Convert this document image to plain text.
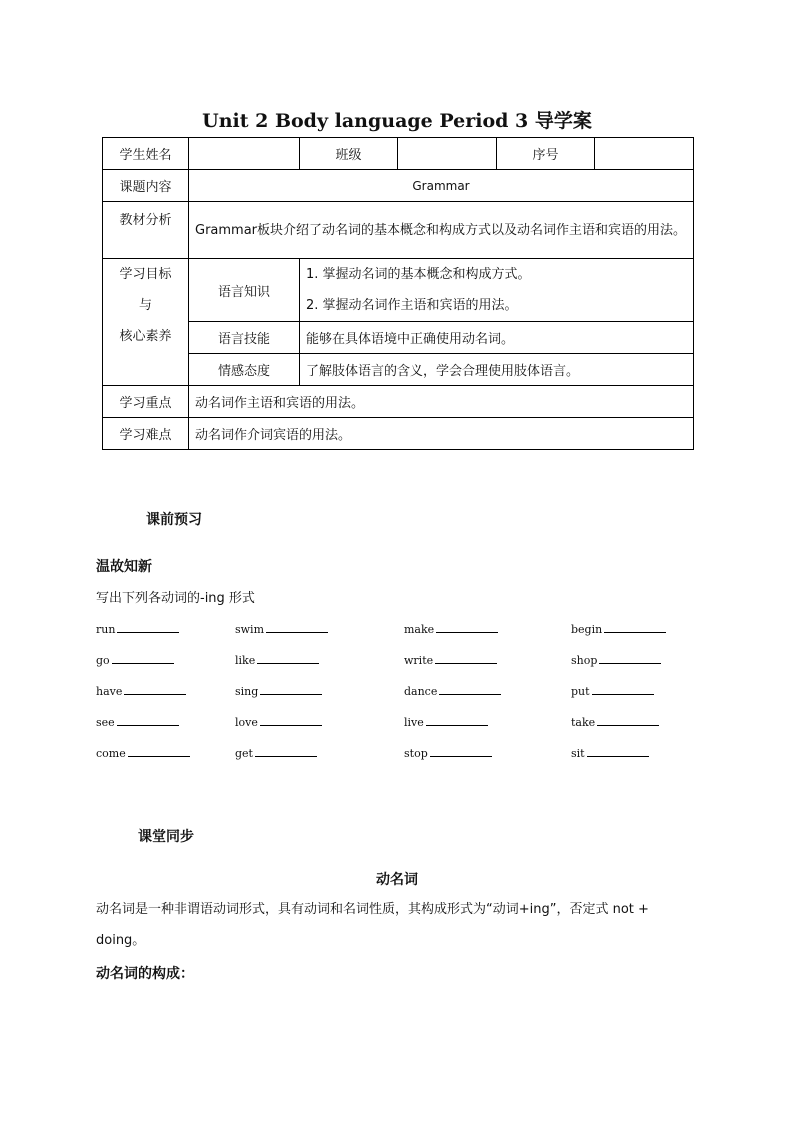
Unit 2 Body language Period 3 导学案
学生姓名		班级		序号	
课题内容	Grammar				
教材分析	Grammar板块介绍了动名词的基本概念和构成方式以及动名词作主语和宾语的用法。				

学习目标
与
核心素养	语言知识	1. 掌握动名词的基本概念和构成方式。
2. 掌握动名词作主语和宾语的用法。			

	语言技能	能够在具体语境中正确使用动名词。			
	情感态度	了解肢体语言的含义，学会合理使用肢体语言。			
学习重点	动名词作主语和宾语的用法。				
学习难点	动名词作介词宾语的用法。				
课前预习
温故知新
写出下列各动词的-ing 形式
run	swim	make	begin
go	like	write	shop
have	sing	dance	put
see	love	live	take
come	get	stop	sit
课堂同步
动名词
动名词是一种非谓语动词形式，具有动词和名词性质，其构成形式为“动词+ing”，否定式 not +
doing。
动名词的构成：
